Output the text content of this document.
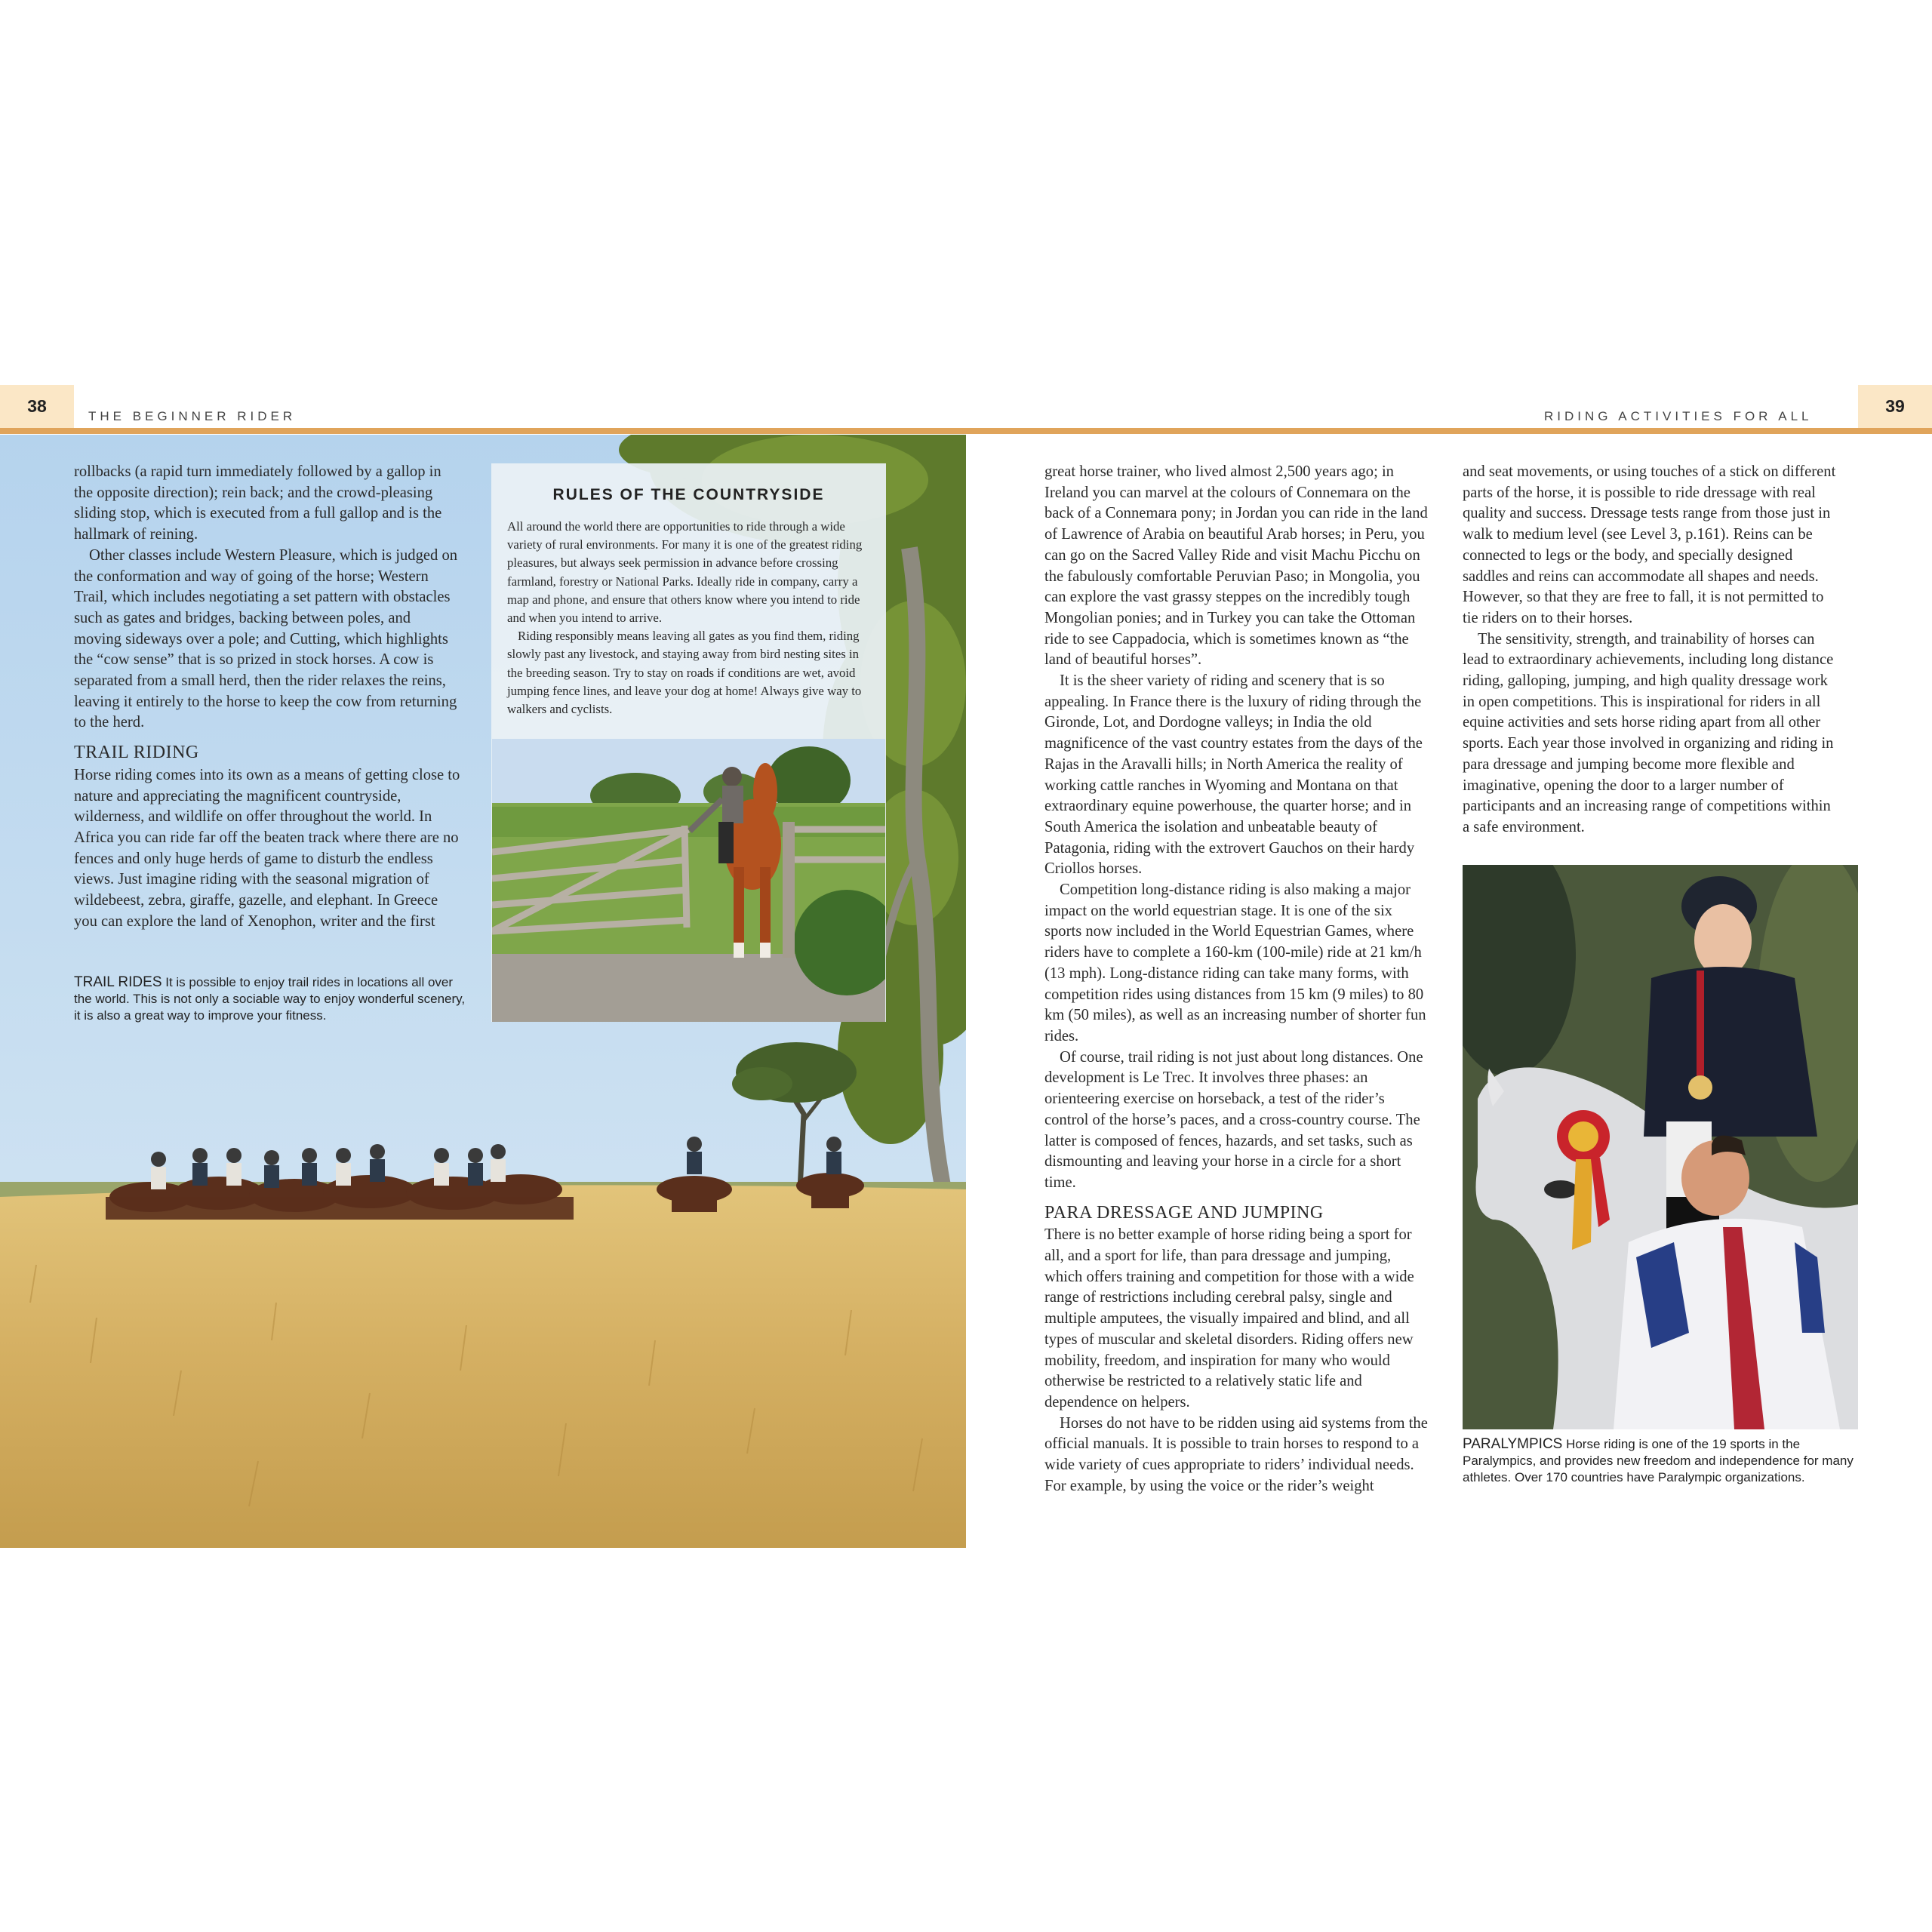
38
THE BEGINNER RIDER	RIDING ACTIVITIES FOR ALL
39

rollbacks (a rapid turn immediately followed by a gallop in the opposite direction); rein back; and the crowd-pleasing sliding stop, which is executed from a full gallop and is the hallmark of reining.

Other classes include Western Pleasure, which is judged on the conformation and way of going of the horse; Western Trail, which includes negotiating a set pattern with obstacles such as gates and bridges, backing between poles, and moving sideways over a pole; and Cutting, which highlights the “cow sense” that is so prized in stock horses. A cow is separated from a small herd, then the rider relaxes the reins, leaving it entirely to the horse to keep the cow from returning to the herd.

TRAIL RIDING

Horse riding comes into its own as a means of getting close to nature and appreciating the magnificent countryside, wilderness, and wildlife on offer throughout the world. In Africa you can ride far off the beaten track where there are no fences and only huge herds of game to disturb the endless views. Just imagine riding with the seasonal migration of wildebeest, zebra, giraffe, gazelle, and elephant. In Greece you can explore the land of Xenophon, writer and the first

TRAIL RIDES It is possible to enjoy trail rides in locations all over the world. This is not only a sociable way to enjoy wonderful scenery, it is also a great way to improve your fitness.
RULES OF THE COUNTRYSIDE

All around the world there are opportunities to ride through a wide variety of rural environments. For many it is one of the greatest riding pleasures, but always seek permission in advance before crossing farmland, forestry or National Parks. Ideally ride in company, carry a map and phone, and ensure that others know where you intend to ride and when you intend to arrive.

Riding responsibly means leaving all gates as you find them, riding slowly past any livestock, and staying away from bird nesting sites in the breeding season. Try to stay on roads if conditions are wet, avoid jumping fence lines, and leave your dog at home! Always give way to walkers and cyclists.

great horse trainer, who lived almost 2,500 years ago; in Ireland you can marvel at the colours of Connemara on the back of a Connemara pony; in Jordan you can ride in the land of Lawrence of Arabia on beautiful Arab horses; in Peru, you can go on the Sacred Valley Ride and visit Machu Picchu on the fabulously comfortable Peruvian Paso; in Mongolia, you can explore the vast grassy steppes on the incredibly tough Mongolian ponies; and in Turkey you can take the Ottoman ride to see Cappadocia, which is sometimes known as “the land of beautiful horses”.

It is the sheer variety of riding and scenery that is so appealing. In France there is the luxury of riding through the Gironde, Lot, and Dordogne valleys; in India the old magnificence of the vast country estates from the days of the Rajas in the Aravalli hills; in North America the reality of working cattle ranches in Wyoming and Montana on that extraordinary equine powerhouse, the quarter horse; and in South America the isolation and unbeatable beauty of Patagonia, riding with the extrovert Gauchos on their hardy Criollos horses.

Competition long-distance riding is also making a major impact on the world equestrian stage. It is one of the six sports now included in the World Equestrian Games, where riders have to complete a 160-km (100-mile) ride at 21 km/h (13 mph). Long-distance riding can take many forms, with competition rides using distances from 15 km (9 miles) to 80 km (50 miles), as well as an increasing number of shorter fun rides.

Of course, trail riding is not just about long distances. One development is Le Trec. It involves three phases: an orienteering exercise on horseback, a test of the rider’s control of the horse’s paces, and a cross-country course. The latter is composed of fences, hazards, and set tasks, such as dismounting and leaving your horse in a circle for a short time.

PARA DRESSAGE AND JUMPING

There is no better example of horse riding being a sport for all, and a sport for life, than para dressage and jumping, which offers training and competition for those with a wide range of restrictions including cerebral palsy, single and multiple amputees, the visually impaired and blind, and all types of muscular and skeletal disorders. Riding offers new mobility, freedom, and inspiration for many who would otherwise be restricted to a relatively static life and dependence on helpers.

Horses do not have to be ridden using aid systems from the official manuals. It is possible to train horses to respond to a wide variety of cues appropriate to riders’ individual needs. For example, by using the voice or the rider’s weight

and seat movements, or using touches of a stick on different parts of the horse, it is possible to ride dressage with real quality and success. Dressage tests range from those just in walk to medium level (see Level 3, p.161). Reins can be connected to legs or the body, and specially designed saddles and reins can accommodate all shapes and needs. However, so that they are free to fall, it is not permitted to tie riders on to their horses.

The sensitivity, strength, and trainability of horses can lead to extraordinary achievements, including long distance riding, galloping, jumping, and high quality dressage work in open competitions. This is inspirational for riders in all equine activities and sets horse riding apart from all other sports. Each year those involved in organizing and riding in para dressage and jumping become more flexible and imaginative, opening the door to a larger number of participants and an increasing range of competitions within a safe environment.

PARALYMPICS Horse riding is one of the 19 sports in the Paralympics, and provides new freedom and independence for many athletes. Over 170 countries have Paralympic organizations.
